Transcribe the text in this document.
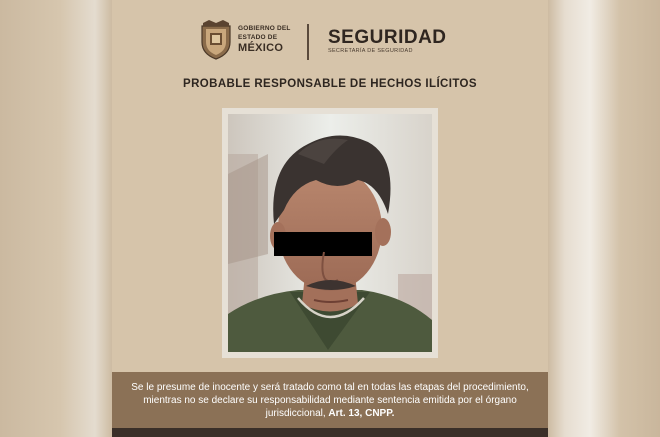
GOBIERNO DEL
ESTADO DE
MÉXICO	SEGURIDAD
SECRETARÍA DE SEGURIDAD
PROBABLE RESPONSABLE DE HECHOS ILÍCITOS
Se le presume de inocente y será tratado como tal en todas las etapas del procedimiento, mientras no se declare su responsabilidad mediante sentencia emitida por el órgano jurisdiccional, Art. 13, CNPP.
